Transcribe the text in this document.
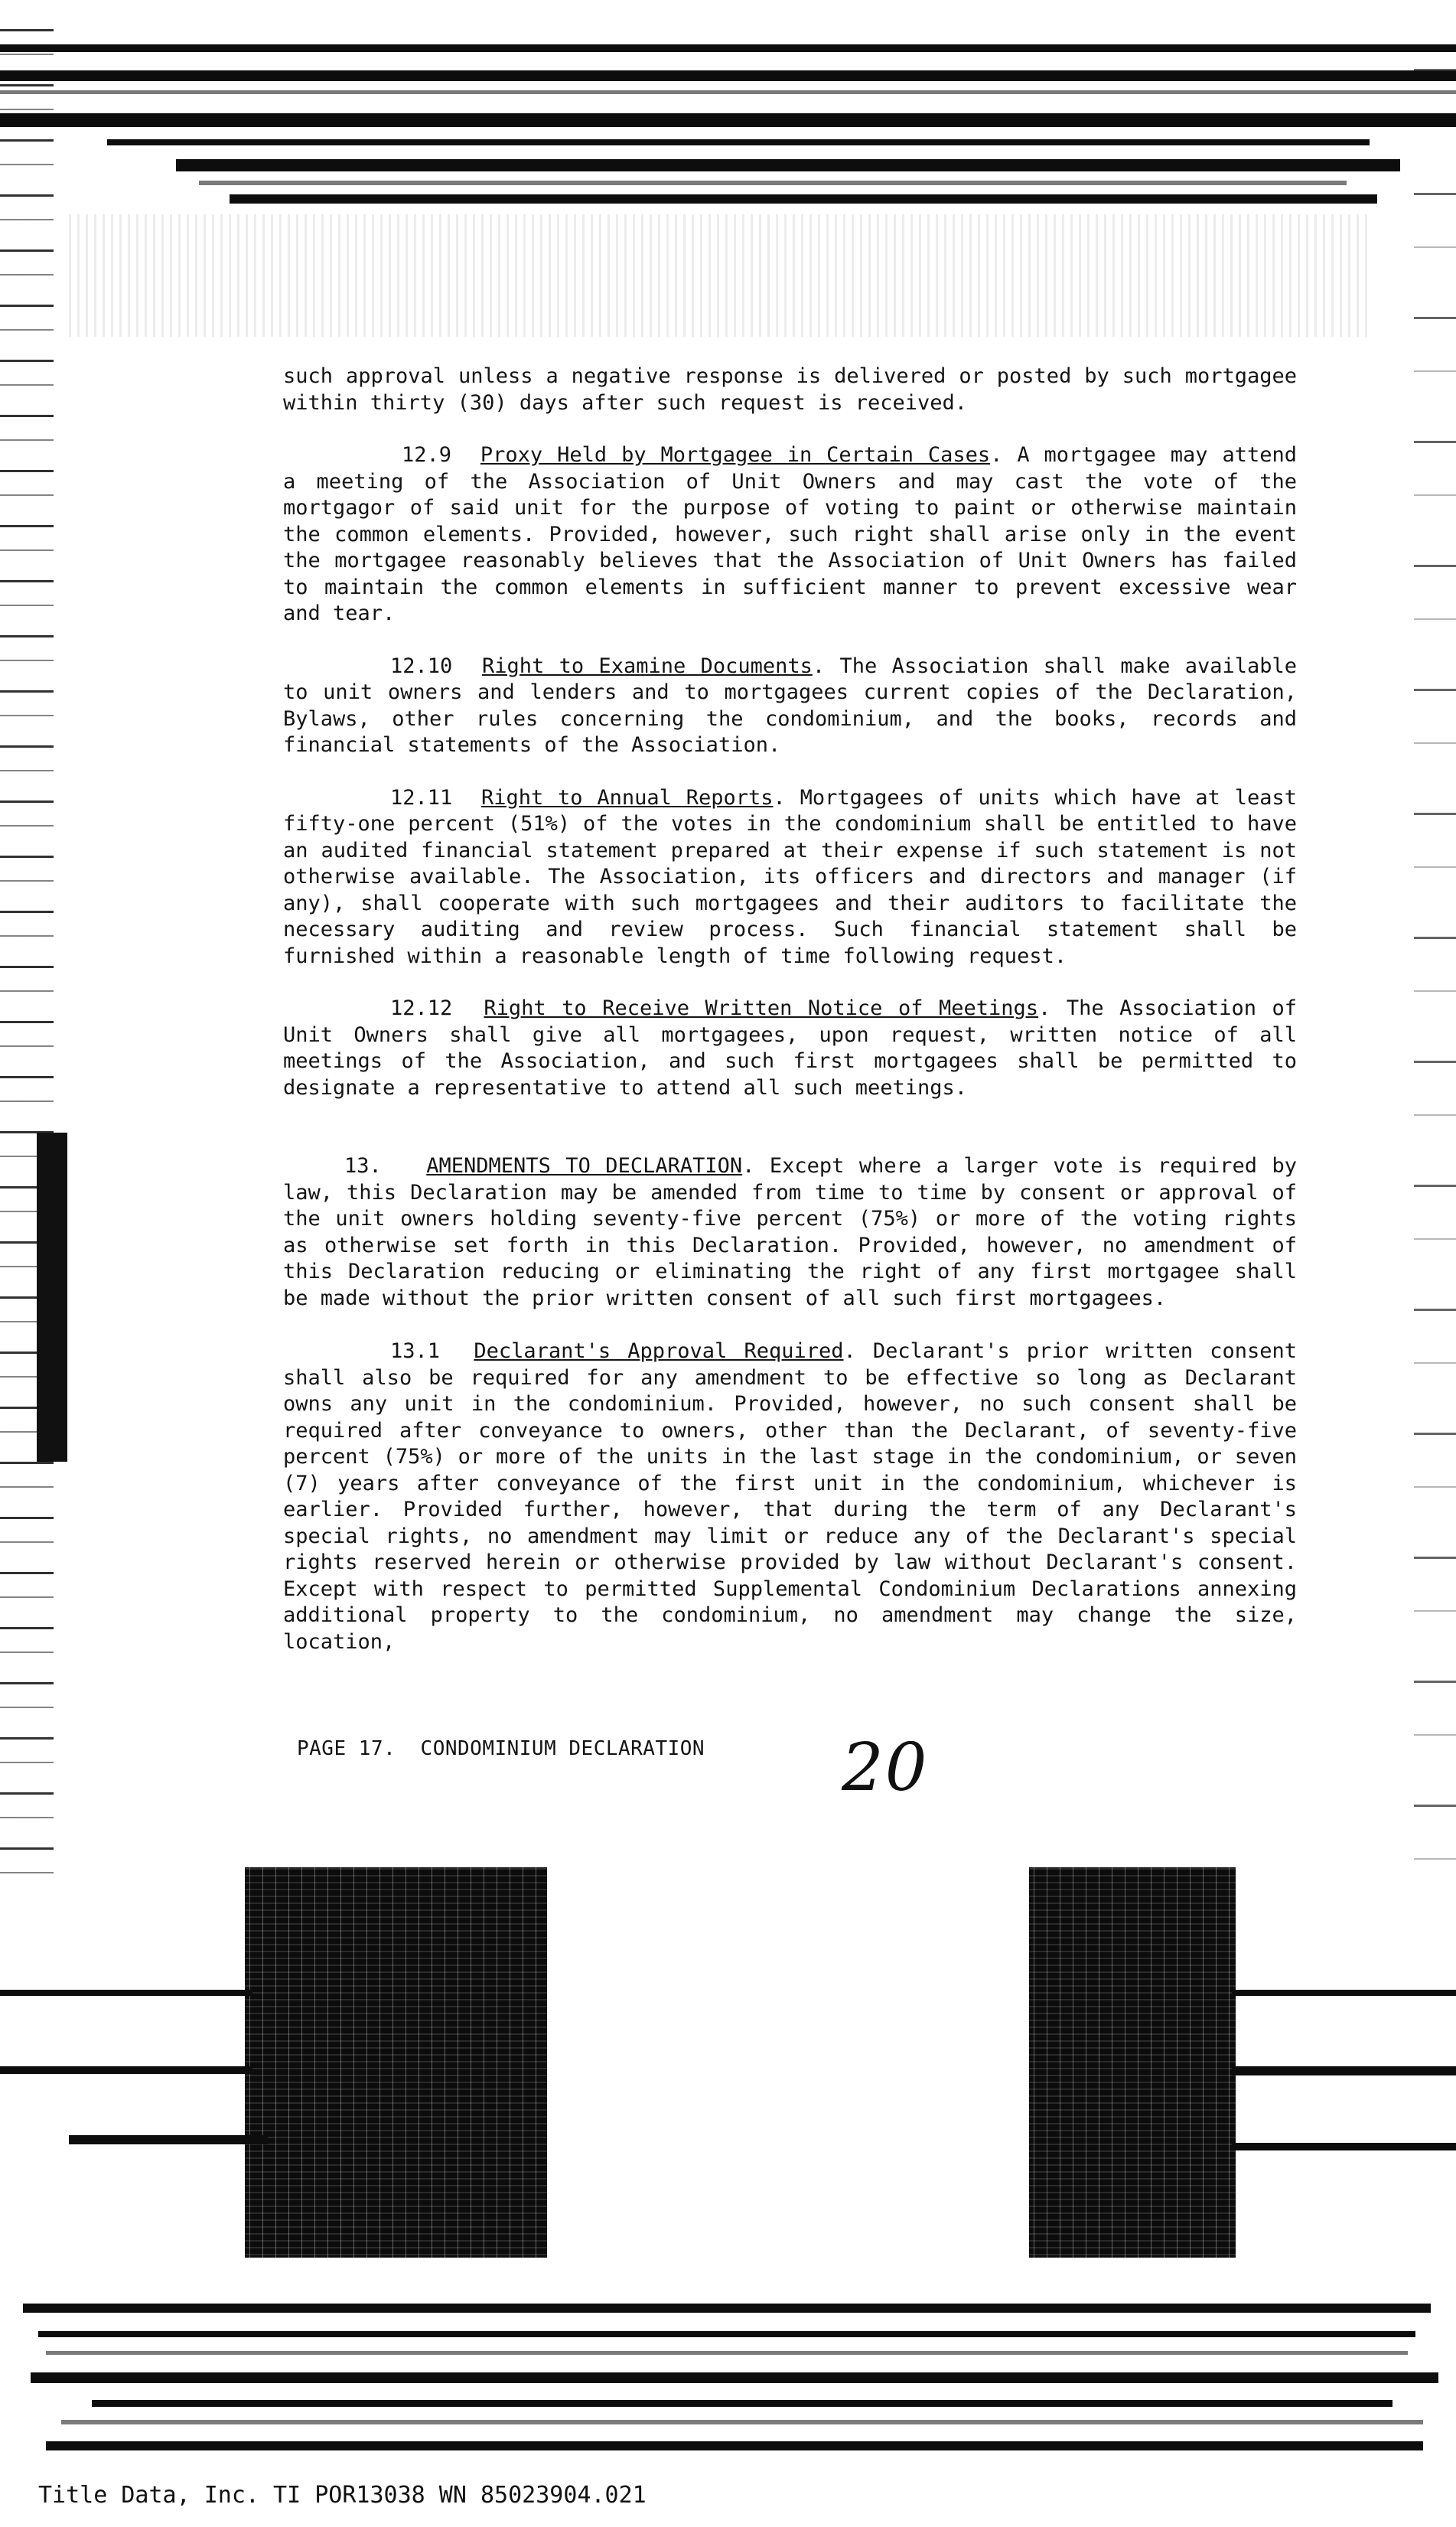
such approval unless a negative response is delivered or posted by such mortgagee within thirty (30) days after such request is received.

12.9 Proxy Held by Mortgagee in Certain Cases. A mortgagee may attend a meeting of the Association of Unit Owners and may cast the vote of the mortgagor of said unit for the purpose of voting to paint or otherwise maintain the common elements. Provided, however, such right shall arise only in the event the mortgagee reasonably believes that the Association of Unit Owners has failed to maintain the common elements in sufficient manner to prevent excessive wear and tear.

12.10 Right to Examine Documents. The Association shall make available to unit owners and lenders and to mortgagees current copies of the Declaration, Bylaws, other rules concerning the condominium, and the books, records and financial statements of the Association.

12.11 Right to Annual Reports. Mortgagees of units which have at least fifty-one percent (51%) of the votes in the condominium shall be entitled to have an audited financial statement prepared at their expense if such statement is not otherwise available. The Association, its officers and directors and manager (if any), shall cooperate with such mortgagees and their auditors to facilitate the necessary auditing and review process. Such financial statement shall be furnished within a reasonable length of time following request.

12.12 Right to Receive Written Notice of Meetings. The Association of Unit Owners shall give all mortgagees, upon request, written notice of all meetings of the Association, and such first mortgagees shall be permitted to designate a representative to attend all such meetings.

13. AMENDMENTS TO DECLARATION. Except where a larger vote is required by law, this Declaration may be amended from time to time by consent or approval of the unit owners holding seventy-five percent (75%) or more of the voting rights as otherwise set forth in this Declaration. Provided, however, no amendment of this Declaration reducing or eliminating the right of any first mortgagee shall be made without the prior written consent of all such first mortgagees.

13.1 Declarant's Approval Required. Declarant's prior written consent shall also be required for any amendment to be effective so long as Declarant owns any unit in the condominium. Provided, however, no such consent shall be required after conveyance to owners, other than the Declarant, of seventy-five percent (75%) or more of the units in the last stage in the condominium, or seven (7) years after conveyance of the first unit in the condominium, whichever is earlier. Provided further, however, that during the term of any Declarant's special rights, no amendment may limit or reduce any of the Declarant's special rights reserved herein or otherwise provided by law without Declarant's consent. Except with respect to permitted Supplemental Condominium Declarations annexing additional property to the condominium, no amendment may change the size, location,

PAGE 17. CONDOMINIUM DECLARATION 20
Title Data, Inc. TI POR13038 WN 85023904.021
